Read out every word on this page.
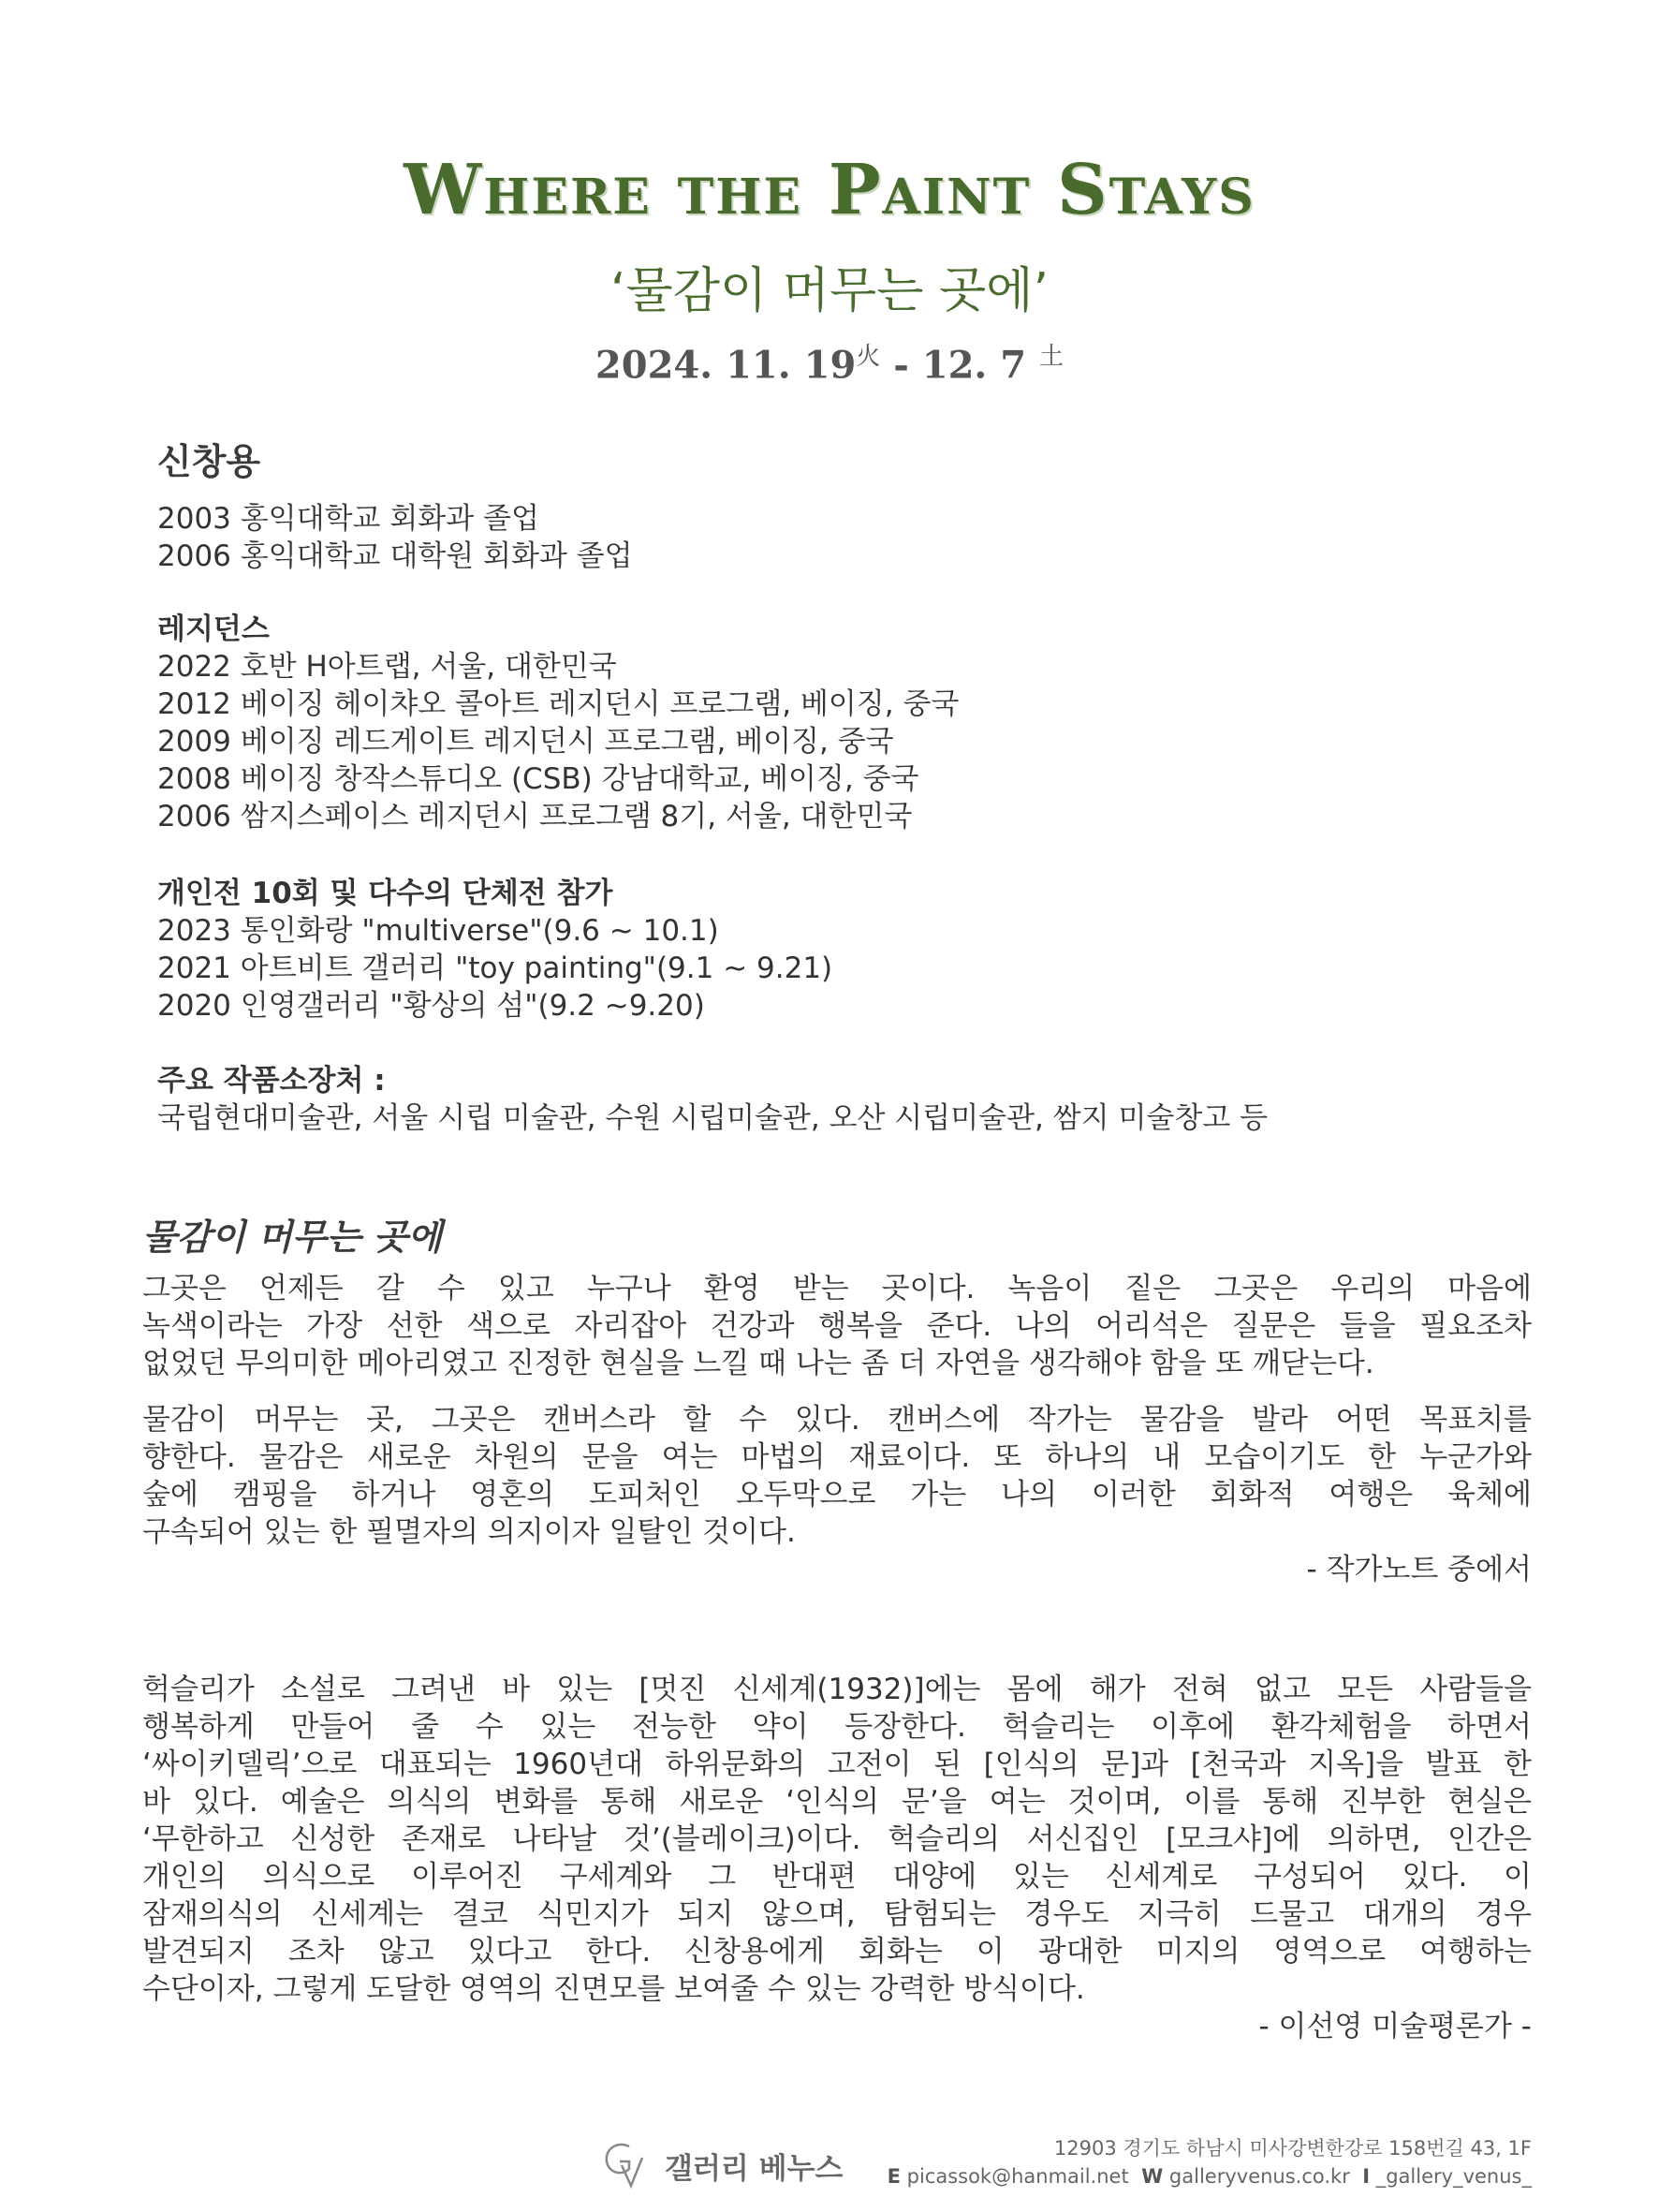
Where the Paint Stays
‘물감이 머무는 곳에’
2024. 11. $19^火 - 12$. 7 $^土$
신창용
2003 홍익대학교 회화과 졸업
2006 홍익대학교 대학원 회화과 졸업
레지던스
2022 호반 H아트랩, 서울, 대한민국
2012 베이징 헤이챠오 콜아트 레지던시 프로그램, 베이징, 중국
2009 베이징 레드게이트 레지던시 프로그램, 베이징, 중국
2008 베이징 창작스튜디오 (CSB) 강남대학교, 베이징, 중국
2006 쌈지스페이스 레지던시 프로그램 8기, 서울, 대한민국
개인전 10회 및 다수의 단체전 참가
2023 통인화랑 "multiverse"(9.6 ~ 10.1)
2021 아트비트 갤러리 "toy painting"(9.1 ~ 9.21)
2020 인영갤러리 "황상의 섬"(9.2 ~9.20)
주요 작품소장처 :
국립현대미술관, 서울 시립 미술관, 수원 시립미술관, 오산 시립미술관, 쌈지 미술창고 등
물감이 머무는 곳에
그곳은 언제든 갈 수 있고 누구나 환영 받는 곳이다. 녹음이 짙은 그곳은 우리의 마음에
녹색이라는 가장 선한 색으로 자리잡아 건강과 행복을 준다. 나의 어리석은 질문은 들을 필요조차
없었던 무의미한 메아리였고 진정한 현실을 느낄 때 나는 좀 더 자연을 생각해야 함을 또 깨닫는다.
물감이 머무는 곳, 그곳은 캔버스라 할 수 있다. 캔버스에 작가는 물감을 발라 어떤 목표치를
향한다. 물감은 새로운 차원의 문을 여는 마법의 재료이다. 또 하나의 내 모습이기도 한 누군가와
숲에 캠핑을 하거나 영혼의 도피처인 오두막으로 가는 나의 이러한 회화적 여행은 육체에
구속되어 있는 한 필멸자의 의지이자 일탈인 것이다.
- 작가노트 중에서
헉슬리가 소설로 그려낸 바 있는 [멋진 신세계(1932)]에는 몸에 해가 전혀 없고 모든 사람들을
행복하게 만들어 줄 수 있는 전능한 약이 등장한다. 헉슬리는 이후에 환각체험을 하면서
‘싸이키델릭’으로 대표되는 1960년대 하위문화의 고전이 된 [인식의 문]과 [천국과 지옥]을 발표 한
바 있다. 예술은 의식의 변화를 통해 새로운 ‘인식의 문’을 여는 것이며, 이를 통해 진부한 현실은
‘무한하고 신성한 존재로 나타날 것’(블레이크)이다. 헉슬리의 서신집인 [모크샤]에 의하면, 인간은
개인의 의식으로 이루어진 구세계와 그 반대편 대양에 있는 신세계로 구성되어 있다. 이
잠재의식의 신세계는 결코 식민지가 되지 않으며, 탐험되는 경우도 지극히 드물고 대개의 경우
발견되지 조차 않고 있다고 한다. 신창용에게 회화는 이 광대한 미지의 영역으로 여행하는
수단이자, 그렇게 도달한 영역의 진면모를 보여줄 수 있는 강력한 방식이다.
- 이선영 미술평론가 -
갤러리 베누스
12903 경기도 하남시 미사강변한강로 158번길 43, 1F
E picassok@hanmail.net W galleryvenus.co.kr I _gallery_venus_
